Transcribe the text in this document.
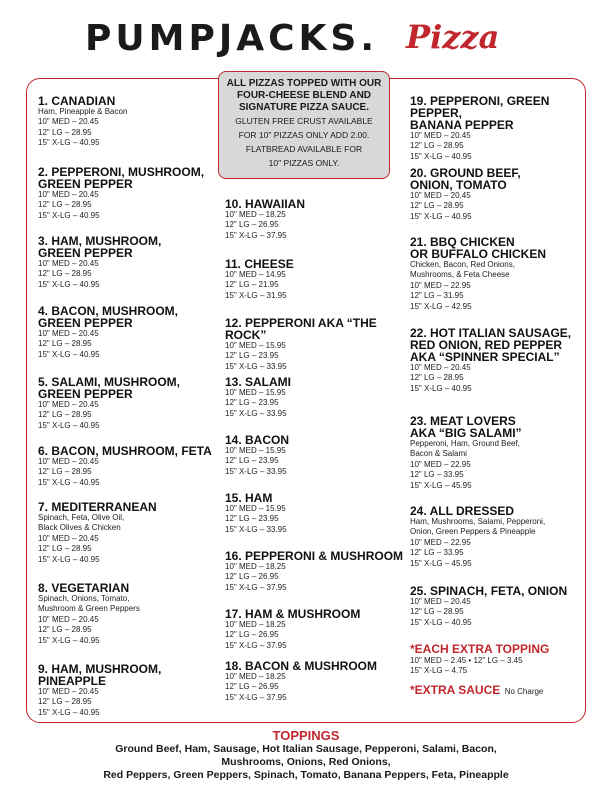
PUMPJACKS. Pizza
ALL PIZZAS TOPPED WITH OUR
FOUR-CHEESE BLEND AND
SIGNATURE PIZZA SAUCE.
GLUTEN FREE CRUST AVAILABLE
FOR 10" PIZZAS ONLY ADD 2.00.
FLATBREAD AVAILABLE FOR
10" PIZZAS ONLY.
1. CANADIAN
Ham, Pineapple & Bacon
10" MED – 20.45
12" LG – 28.95
15" X-LG – 40.95
2. PEPPERONI, MUSHROOM,
GREEN PEPPER
10" MED – 20.45
12" LG – 28.95
15" X-LG – 40.95
3. HAM, MUSHROOM,
GREEN PEPPER
10" MED – 20.45
12" LG – 28.95
15" X-LG – 40.95
4. BACON, MUSHROOM,
GREEN PEPPER
10" MED – 20.45
12" LG – 28.95
15" X-LG – 40.95
5. SALAMI, MUSHROOM,
GREEN PEPPER
10" MED – 20.45
12" LG – 28.95
15" X-LG – 40.95
6. BACON, MUSHROOM, FETA
10" MED – 20.45
12" LG – 28.95
15" X-LG – 40.95
7. MEDITERRANEAN
Spinach, Feta, Olive Oil,
Black Olives & Chicken
10" MED – 20.45
12" LG – 28.95
15" X-LG – 40.95
8. VEGETARIAN
Spinach, Onions, Tomato,
Mushroom & Green Peppers
10" MED – 20.45
12" LG – 28.95
15" X-LG – 40.95
9. HAM, MUSHROOM,
PINEAPPLE
10" MED – 20.45
12" LG – 28.95
15" X-LG – 40.95
10. HAWAIIAN
10" MED – 18.25
12" LG – 26.95
15" X-LG – 37.95
11. CHEESE
10" MED – 14.95
12" LG – 21.95
15" X-LG – 31.95
12. PEPPERONI AKA “THE ROCK”
10" MED – 15.95
12" LG – 23.95
15" X-LG – 33.95
13. SALAMI
10" MED – 15.95
12" LG – 23.95
15" X-LG – 33.95
14. BACON
10" MED – 15.95
12" LG – 23.95
15" X-LG – 33.95
15. HAM
10" MED – 15.95
12" LG – 23.95
15" X-LG – 33.95
16. PEPPERONI & MUSHROOM
10" MED – 18.25
12" LG – 26.95
15" X-LG – 37.95
17. HAM & MUSHROOM
10" MED – 18.25
12" LG – 26.95
15" X-LG – 37.95
18. BACON & MUSHROOM
10" MED – 18.25
12" LG – 26.95
15" X-LG – 37.95
*EACH EXTRA TOPPING
10" MED – 2.45 • 12" LG – 3.45
15" X-LG – 4.75
*EXTRA SAUCE No Charge
19. PEPPERONI, GREEN PEPPER,
BANANA PEPPER
10" MED – 20.45
12" LG – 28.95
15" X-LG – 40.95
20. GROUND BEEF,
ONION, TOMATO
10" MED – 20.45
12" LG – 28.95
15" X-LG – 40.95
21. BBQ CHICKEN
OR BUFFALO CHICKEN
Chicken, Bacon, Red Onions,
Mushrooms, & Feta Cheese
10" MED – 22.95
12" LG – 31.95
15" X-LG – 42.95
22. HOT ITALIAN SAUSAGE,
RED ONION, RED PEPPER
AKA “SPINNER SPECIAL”
10" MED – 20.45
12" LG – 28.95
15" X-LG – 40.95
23. MEAT LOVERS
AKA “BIG SALAMI”
Pepperoni, Ham, Ground Beef,
Bacon & Salami
10" MED – 22.95
12" LG – 33.95
15" X-LG – 45.95
24. ALL DRESSED
Ham, Mushrooms, Salami, Pepperoni,
Onion, Green Peppers & Pineapple
10" MED – 22.95
12" LG – 33.95
15" X-LG – 45.95
25. SPINACH, FETA, ONION
10" MED – 20.45
12" LG – 28.95
15" X-LG – 40.95
TOPPINGS
Ground Beef, Ham, Sausage, Hot Italian Sausage, Pepperoni, Salami, Bacon,
Mushrooms, Onions, Red Onions,
Red Peppers, Green Peppers, Spinach, Tomato, Banana Peppers, Feta, Pineapple
